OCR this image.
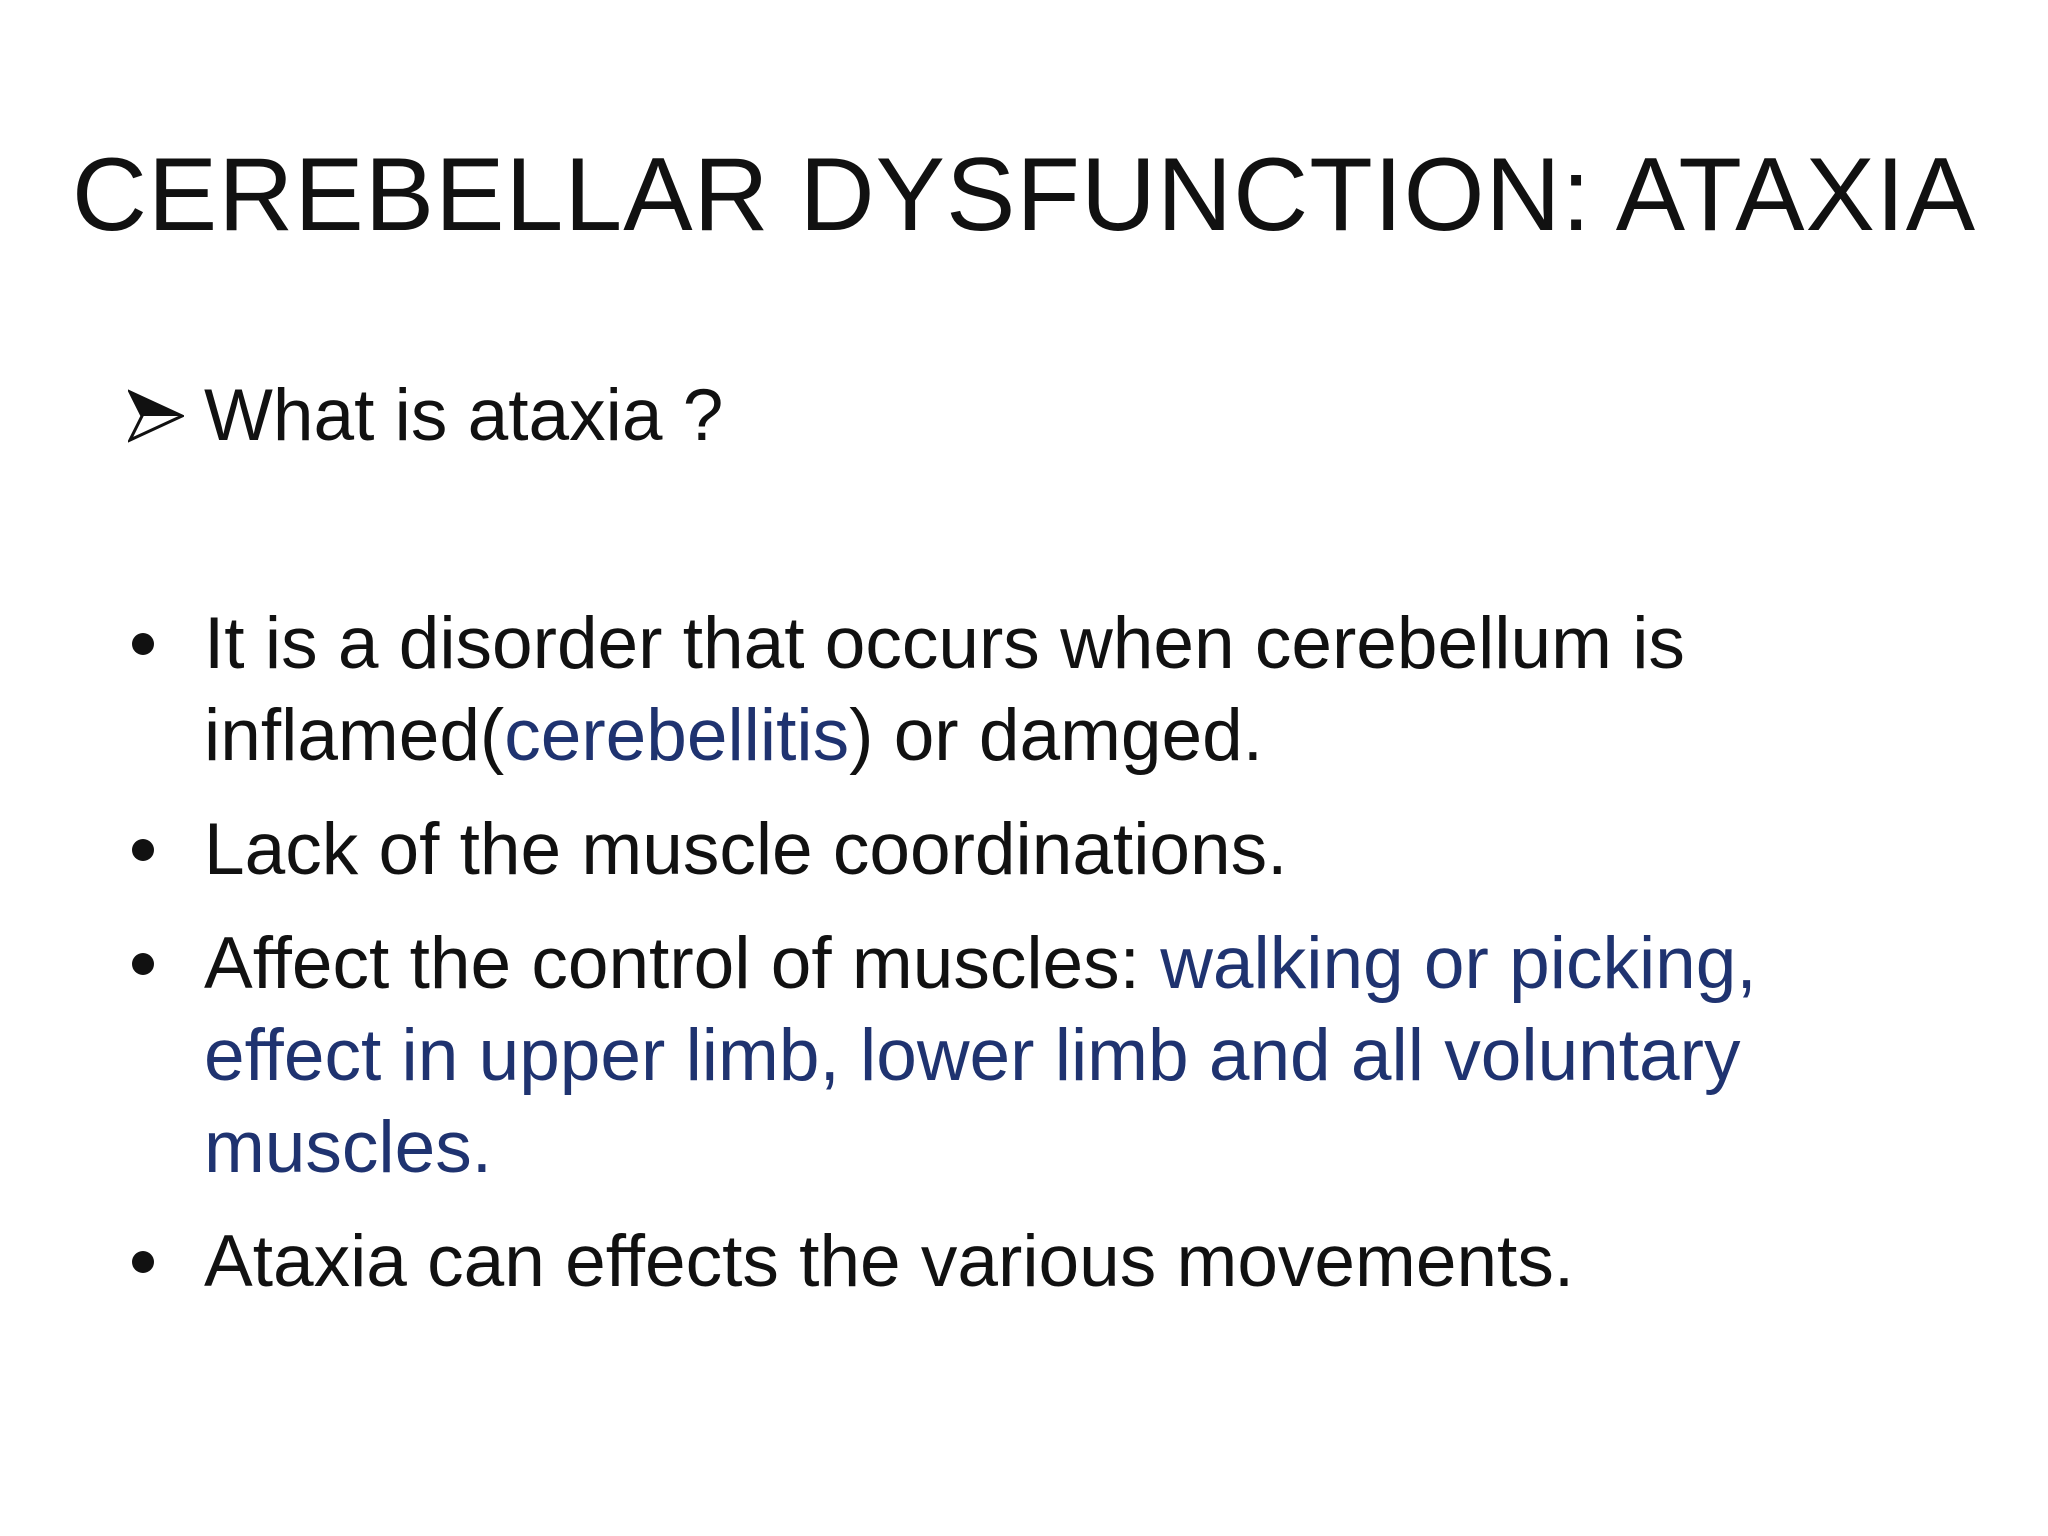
CEREBELLAR DYSFUNCTION: ATAXIA
What is ataxia ?
It is a disorder that occurs when cerebellum is inflamed(cerebellitis) or damged.
Lack of the muscle coordinations.
Affect the control of muscles: walking or picking, effect in upper limb, lower limb and all voluntary muscles.
Ataxia can effects the various movements.
